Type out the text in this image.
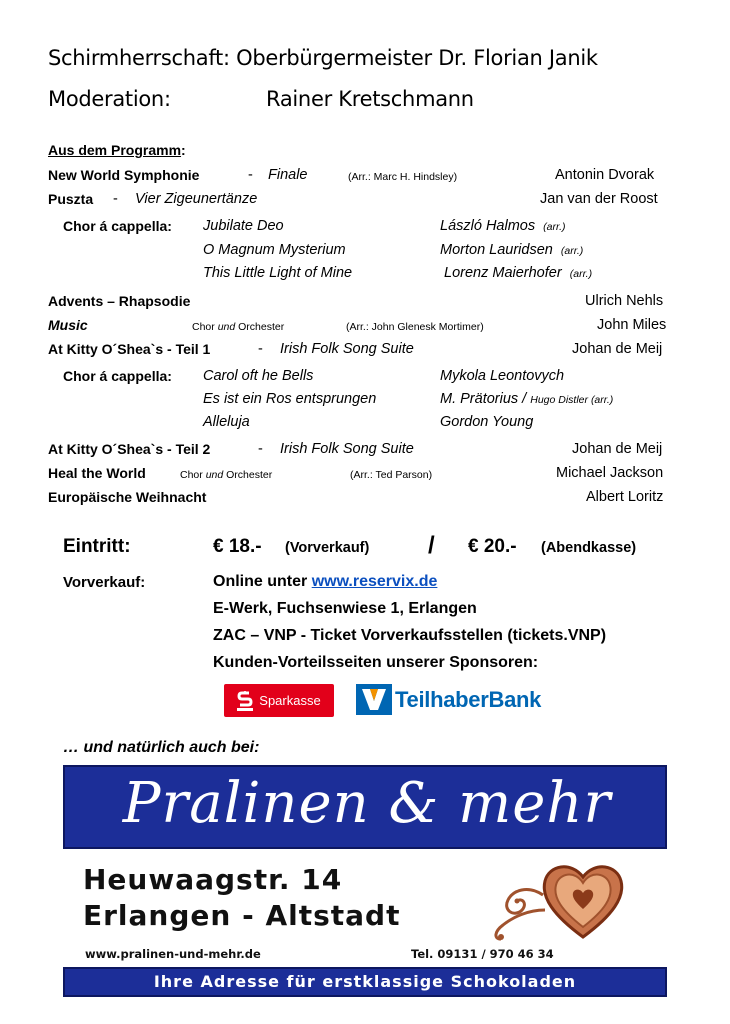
Schirmherrschaft: Oberbürgermeister Dr. Florian Janik
Moderation:	Rainer Kretschmann
Aus dem Programm:
New World Symphonie	- Finale	(Arr.: Marc H. Hindsley)	Antonin Dvorak
Puszta - Vier Zigeunertänze	Jan van der Roost
Chor á cappella: Jubilate Deo	László Halmos (arr.)
O Magnum Mysterium	Morton Lauridsen (arr.)
This Little Light of Mine	Lorenz Maierhofer (arr.)
Advents – Rhapsodie	Ulrich Nehls
Music	Chor und Orchester	(Arr.: John Glenesk Mortimer)	John Miles
At Kitty O´Shea`s - Teil 1	- Irish Folk Song Suite	Johan de Meij
Chor á cappella: Carol oft he Bells	Mykola Leontovych
Es ist ein Ros entsprungen	M. Prätorius / Hugo Distler (arr.)
Alleluja	Gordon Young
At Kitty O´Shea`s - Teil 2	- Irish Folk Song Suite	Johan de Meij
Heal the World	Chor und Orchester	(Arr.: Ted Parson)	Michael Jackson
Europäische Weihnacht	Albert Loritz
Eintritt:	€ 18.- (Vorverkauf) / € 20.- (Abendkasse)
Vorverkauf:	Online unter www.reservix.de
E-Werk, Fuchsenwiese 1, Erlangen
ZAC – VNP - Ticket Vorverkaufsstellen (tickets.VNP)
Kunden-Vorteilsseiten unserer Sponsoren:
Sparkasse	TeilhaberBank
… und natürlich auch bei:
Pralinen & mehr
Heuwaagstr. 14
Erlangen - Altstadt
www.pralinen-und-mehr.de	Tel. 09131 / 970 46 34
Ihre Adresse für erstklassige Schokoladen
